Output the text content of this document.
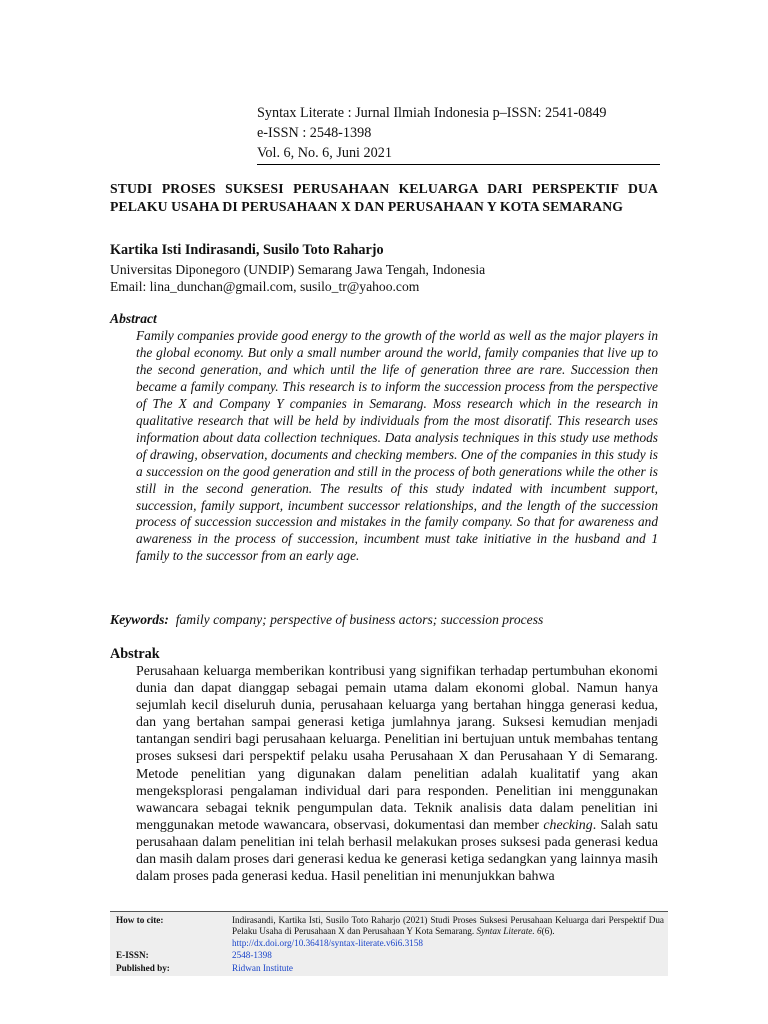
Syntax Literate : Jurnal Ilmiah Indonesia p–ISSN: 2541-0849
e-ISSN : 2548-1398
Vol. 6, No. 6, Juni 2021
STUDI PROSES SUKSESI PERUSAHAAN KELUARGA DARI PERSPEKTIF DUA PELAKU USAHA DI PERUSAHAAN X DAN PERUSAHAAN Y KOTA SEMARANG
Kartika Isti Indirasandi, Susilo Toto Raharjo
Universitas Diponegoro (UNDIP) Semarang Jawa Tengah, Indonesia
Email: lina_dunchan@gmail.com, susilo_tr@yahoo.com
Abstract

Family companies provide good energy to the growth of the world as well as the major players in the global economy. But only a small number around the world, family companies that live up to the second generation, and which until the life of generation three are rare. Succession then became a family company. This research is to inform the succession process from the perspective of The X and Company Y companies in Semarang. Moss research which in the research in qualitative research that will be held by individuals from the most disoratif. This research uses information about data collection techniques. Data analysis techniques in this study use methods of drawing, observation, documents and checking members. One of the companies in this study is a succession on the good generation and still in the process of both generations while the other is still in the second generation. The results of this study indated with incumbent support, succession, family support, incumbent successor relationships, and the length of the succession process of succession succession and mistakes in the family company. So that for awareness and awareness in the process of succession, incumbent must take initiative in the husband and 1 family to the successor from an early age.

Keywords: family company; perspective of business actors; succession process
Abstrak

Perusahaan keluarga memberikan kontribusi yang signifikan terhadap pertumbuhan ekonomi dunia dan dapat dianggap sebagai pemain utama dalam ekonomi global. Namun hanya sejumlah kecil diseluruh dunia, perusahaan keluarga yang bertahan hingga generasi kedua, dan yang bertahan sampai generasi ketiga jumlahnya jarang. Suksesi kemudian menjadi tantangan sendiri bagi perusahaan keluarga. Penelitian ini bertujuan untuk membahas tentang proses suksesi dari perspektif pelaku usaha Perusahaan X dan Perusahaan Y di Semarang. Metode penelitian yang digunakan dalam penelitian adalah kualitatif yang akan mengeksplorasi pengalaman individual dari para responden. Penelitian ini menggunakan wawancara sebagai teknik pengumpulan data. Teknik analisis data dalam penelitian ini menggunakan metode wawancara, observasi, dokumentasi dan member checking. Salah satu perusahaan dalam penelitian ini telah berhasil melakukan proses suksesi pada generasi kedua dan masih dalam proses dari generasi kedua ke generasi ketiga sedangkan yang lainnya masih dalam proses pada generasi kedua. Hasil penelitian ini menunjukkan bahwa

How to cite:	Indirasandi, Kartika Isti, Susilo Toto Raharjo (2021) Studi Proses Suksesi Perusahaan Keluarga dari Perspektif Dua Pelaku Usaha di Perusahaan X dan Perusahaan Y Kota Semarang. Syntax Literate. 6(6).
http://dx.doi.org/10.36418/syntax-literate.v6i6.3158
E-ISSN:	2548-1398
Published by:	Ridwan Institute
